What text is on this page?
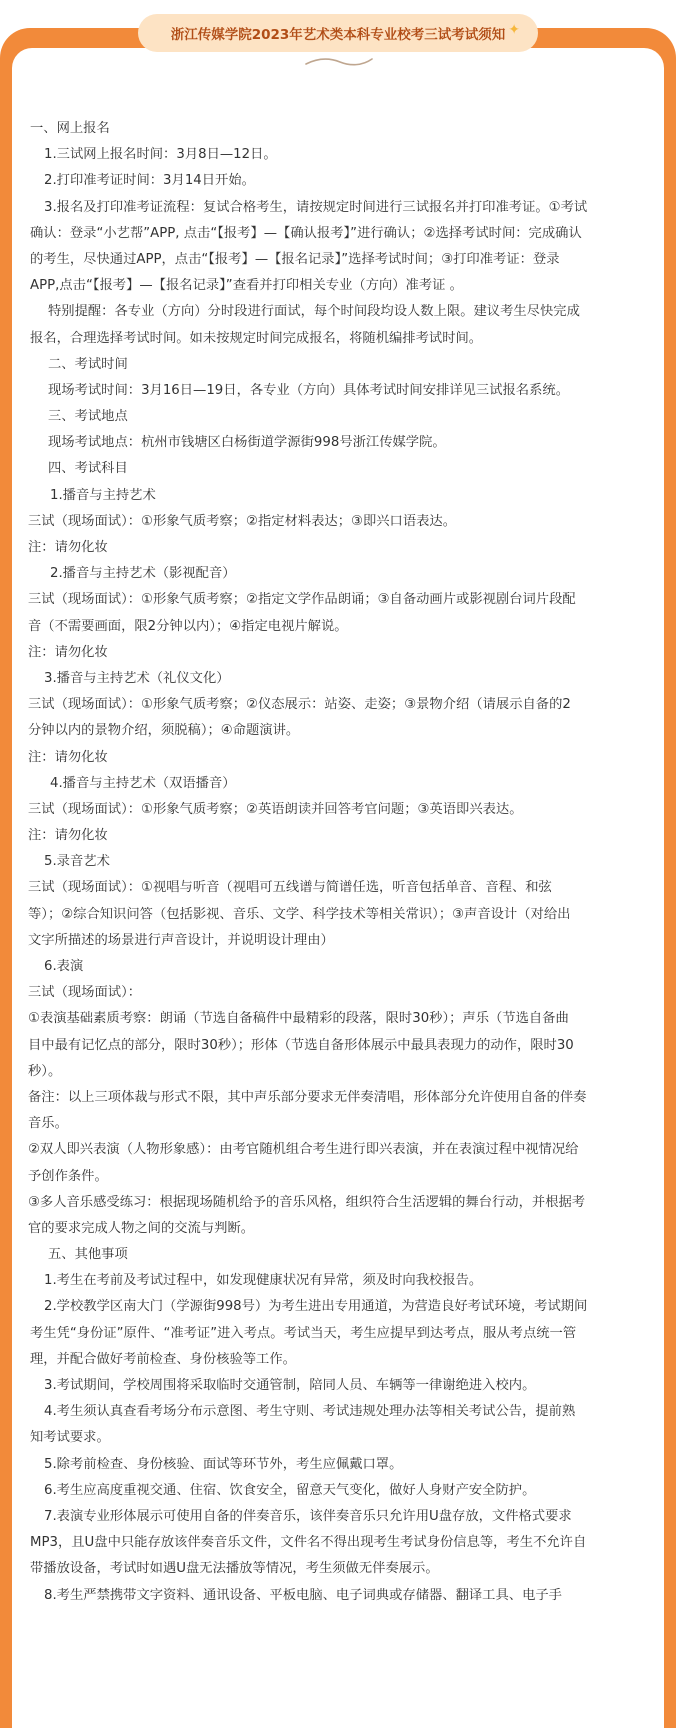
浙江传媒学院2023年艺术类本科专业校考三试考试须知 ✦
一、网上报名
1.三试网上报名时间：3月8日—12日。
2.打印准考证时间：3月14日开始。
3.报名及打印准考证流程：复试合格考生，请按规定时间进行三试报名并打印准考证。①考试
确认：登录“小艺帮”APP, 点击“【报考】—【确认报考】”进行确认；②选择考试时间：完成确认
的考生，尽快通过APP，点击“【报考】—【报名记录】”选择考试时间；③打印准考证：登录
APP,点击“【报考】—【报名记录】”查看并打印相关专业（方向）准考证 。
特别提醒：各专业（方向）分时段进行面试，每个时间段均设人数上限。建议考生尽快完成
报名，合理选择考试时间。如未按规定时间完成报名，将随机编排考试时间。
二、考试时间
现场考试时间：3月16日—19日，各专业（方向）具体考试时间安排详见三试报名系统。
三、考试地点
现场考试地点：杭州市钱塘区白杨街道学源街998号浙江传媒学院。
四、考试科目
1.播音与主持艺术
三试（现场面试）：①形象气质考察；②指定材料表达；③即兴口语表达。
注：请勿化妆
2.播音与主持艺术（影视配音）
三试（现场面试）：①形象气质考察；②指定文学作品朗诵；③自备动画片或影视剧台词片段配
音（不需要画面，限2分钟以内）；④指定电视片解说。
注：请勿化妆
3.播音与主持艺术（礼仪文化）
三试（现场面试）：①形象气质考察；②仪态展示：站姿、走姿；③景物介绍（请展示自备的2
分钟以内的景物介绍，须脱稿）；④命题演讲。
注：请勿化妆
4.播音与主持艺术（双语播音）
三试（现场面试）：①形象气质考察；②英语朗读并回答考官问题；③英语即兴表达。
注：请勿化妆
5.录音艺术
三试（现场面试）：①视唱与听音（视唱可五线谱与简谱任选，听音包括单音、音程、和弦
等）；②综合知识问答（包括影视、音乐、文学、科学技术等相关常识）；③声音设计（对给出
文字所描述的场景进行声音设计，并说明设计理由）
6.表演
三试（现场面试）：
①表演基础素质考察：朗诵（节选自备稿件中最精彩的段落，限时30秒）；声乐（节选自备曲
目中最有记忆点的部分，限时30秒）；形体（节选自备形体展示中最具表现力的动作，限时30
秒）。
备注：以上三项体裁与形式不限，其中声乐部分要求无伴奏清唱，形体部分允许使用自备的伴奏
音乐。
②双人即兴表演（人物形象感）：由考官随机组合考生进行即兴表演，并在表演过程中视情况给
予创作条件。
③多人音乐感受练习：根据现场随机给予的音乐风格，组织符合生活逻辑的舞台行动，并根据考
官的要求完成人物之间的交流与判断。
五、其他事项
1.考生在考前及考试过程中，如发现健康状况有异常，须及时向我校报告。
2.学校教学区南大门（学源街998号）为考生进出专用通道，为营造良好考试环境，考试期间
考生凭“身份证”原件、“准考证”进入考点。考试当天，考生应提早到达考点，服从考点统一管
理，并配合做好考前检查、身份核验等工作。
3.考试期间，学校周围将采取临时交通管制，陪同人员、车辆等一律谢绝进入校内。
4.考生须认真查看考场分布示意图、考生守则、考试违规处理办法等相关考试公告，提前熟
知考试要求。
5.除考前检查、身份核验、面试等环节外，考生应佩戴口罩。
6.考生应高度重视交通、住宿、饮食安全，留意天气变化，做好人身财产安全防护。
7.表演专业形体展示可使用自备的伴奏音乐，该伴奏音乐只允许用U盘存放，文件格式要求
MP3，且U盘中只能存放该伴奏音乐文件，文件名不得出现考生考试身份信息等，考生不允许自
带播放设备，考试时如遇U盘无法播放等情况，考生须做无伴奏展示。
8.考生严禁携带文字资料、通讯设备、平板电脑、电子词典或存储器、翻译工具、电子手
